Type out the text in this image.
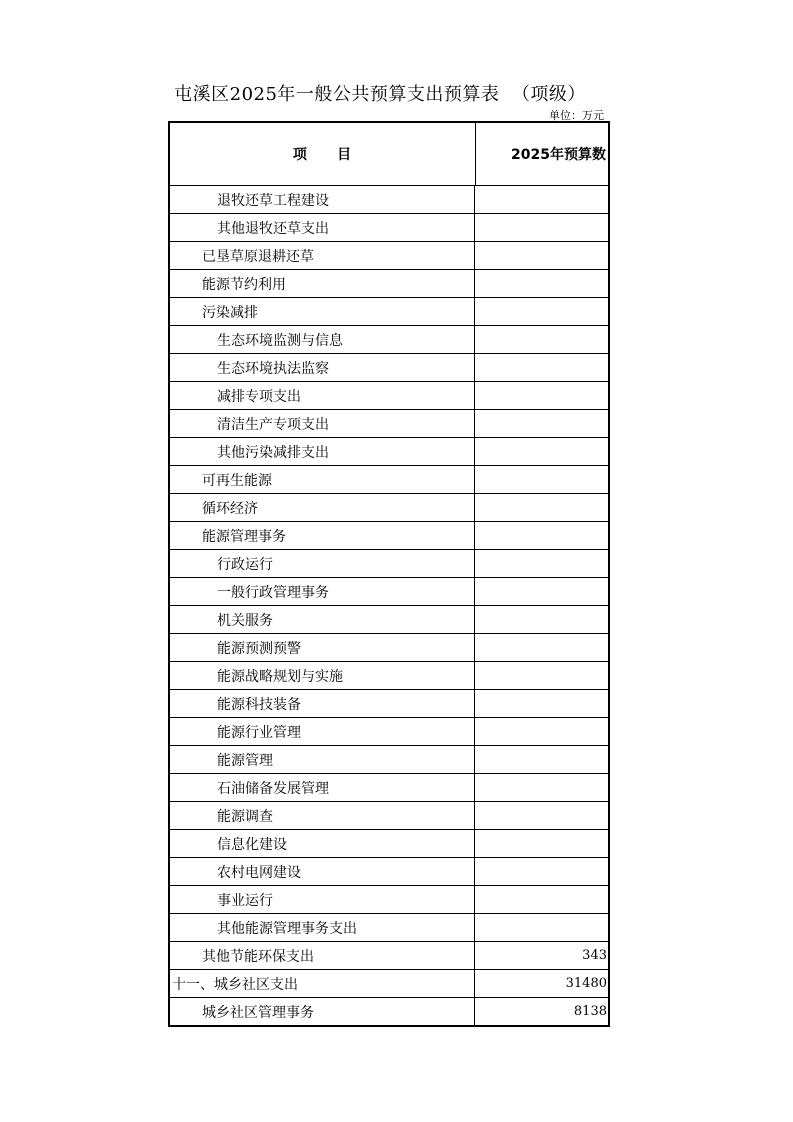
屯溪区2025年一般公共预算支出预算表  （项级）
单位：万元
项     目	2025年预算数
退牧还草工程建设
其他退牧还草支出
已垦草原退耕还草
能源节约利用
污染减排
生态环境监测与信息
生态环境执法监察
减排专项支出
清洁生产专项支出
其他污染减排支出
可再生能源
循环经济
能源管理事务
行政运行
一般行政管理事务
机关服务
能源预测预警
能源战略规划与实施
能源科技装备
能源行业管理
能源管理
石油储备发展管理
能源调查
信息化建设
农村电网建设
事业运行
其他能源管理事务支出
其他节能环保支出	343
十一、城乡社区支出	31480
城乡社区管理事务	8138
